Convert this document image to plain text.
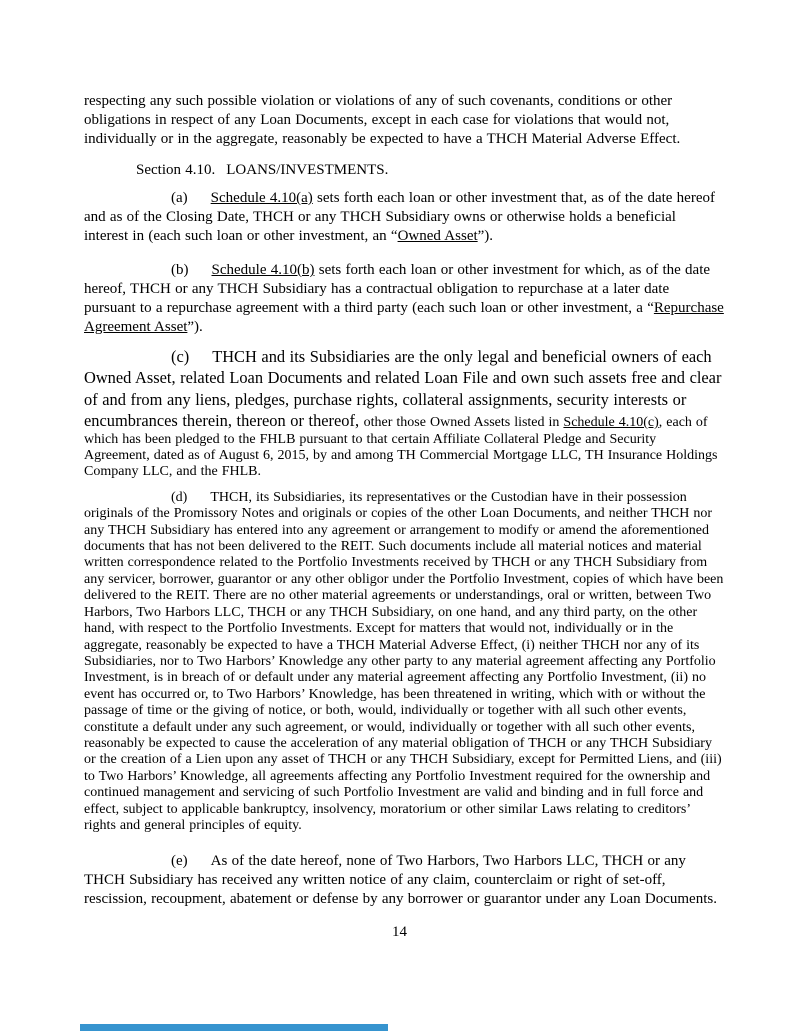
respecting any such possible violation or violations of any of such covenants, conditions or other obligations in respect of any Loan Documents, except in each case for violations that would not, individually or in the aggregate, reasonably be expected to have a THCH Material Adverse Effect.

Section 4.10. LOANS/INVESTMENTS.

(a) Schedule 4.10(a) sets forth each loan or other investment that, as of the date hereof and as of the Closing Date, THCH or any THCH Subsidiary owns or otherwise holds a beneficial interest in (each such loan or other investment, an “Owned Asset”).

(b) Schedule 4.10(b) sets forth each loan or other investment for which, as of the date hereof, THCH or any THCH Subsidiary has a contractual obligation to repurchase at a later date pursuant to a repurchase agreement with a third party (each such loan or other investment, a “Repurchase Agreement Asset”).

(c) THCH and its Subsidiaries are the only legal and beneficial owners of each Owned Asset, related Loan Documents and related Loan File and own such assets free and clear of and from any liens, pledges, purchase rights, collateral assignments, security interests or encumbrances therein, thereon or thereof, other those Owned Assets listed in Schedule 4.10(c), each of which has been pledged to the FHLB pursuant to that certain Affiliate Collateral Pledge and Security Agreement, dated as of August 6, 2015, by and among TH Commercial Mortgage LLC, TH Insurance Holdings Company LLC, and the FHLB.

(d) THCH, its Subsidiaries, its representatives or the Custodian have in their possession originals of the Promissory Notes and originals or copies of the other Loan Documents, and neither THCH nor any THCH Subsidiary has entered into any agreement or arrangement to modify or amend the aforementioned documents that has not been delivered to the REIT. Such documents include all material notices and material written correspondence related to the Portfolio Investments received by THCH or any THCH Subsidiary from any servicer, borrower, guarantor or any other obligor under the Portfolio Investment, copies of which have been delivered to the REIT. There are no other material agreements or understandings, oral or written, between Two Harbors, Two Harbors LLC, THCH or any THCH Subsidiary, on one hand, and any third party, on the other hand, with respect to the Portfolio Investments. Except for matters that would not, individually or in the aggregate, reasonably be expected to have a THCH Material Adverse Effect, (i) neither THCH nor any of its Subsidiaries, nor to Two Harbors’ Knowledge any other party to any material agreement affecting any Portfolio Investment, is in breach of or default under any material agreement affecting any Portfolio Investment, (ii) no event has occurred or, to Two Harbors’ Knowledge, has been threatened in writing, which with or without the passage of time or the giving of notice, or both, would, individually or together with all such other events, constitute a default under any such agreement, or would, individually or together with all such other events, reasonably be expected to cause the acceleration of any material obligation of THCH or any THCH Subsidiary or the creation of a Lien upon any asset of THCH or any THCH Subsidiary, except for Permitted Liens, and (iii) to Two Harbors’ Knowledge, all agreements affecting any Portfolio Investment required for the ownership and continued management and servicing of such Portfolio Investment are valid and binding and in full force and effect, subject to applicable bankruptcy, insolvency, moratorium or other similar Laws relating to creditors’ rights and general principles of equity.

(e) As of the date hereof, none of Two Harbors, Two Harbors LLC, THCH or any THCH Subsidiary has received any written notice of any claim, counterclaim or right of set-off, rescission, recoupment, abatement or defense by any borrower or guarantor under any Loan Documents.

14
